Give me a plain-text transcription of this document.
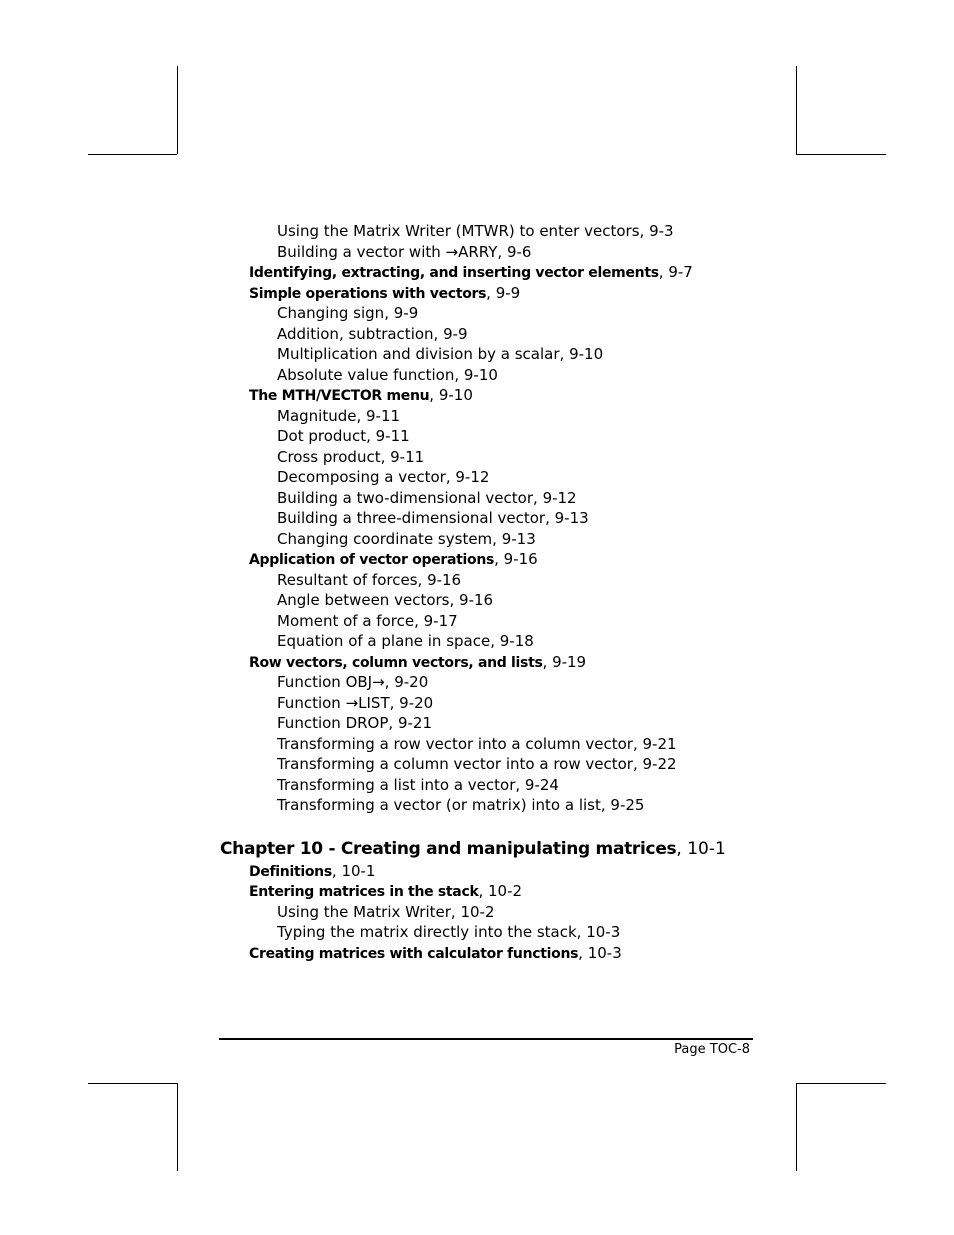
Using the Matrix Writer (MTWR) to enter vectors, 9-3
Building a vector with →ARRY, 9-6
Identifying, extracting, and inserting vector elements, 9-7
Simple operations with vectors, 9-9
Changing sign, 9-9
Addition, subtraction, 9-9
Multiplication and division by a scalar, 9-10
Absolute value function, 9-10
The MTH/VECTOR menu, 9-10
Magnitude, 9-11
Dot product, 9-11
Cross product, 9-11
Decomposing a vector, 9-12
Building a two-dimensional vector, 9-12
Building a three-dimensional vector, 9-13
Changing coordinate system, 9-13
Application of vector operations, 9-16
Resultant of forces, 9-16
Angle between vectors, 9-16
Moment of a force, 9-17
Equation of a plane in space, 9-18
Row vectors, column vectors, and lists, 9-19
Function OBJ→, 9-20
Function →LIST, 9-20
Function DROP, 9-21
Transforming a row vector into a column vector, 9-21
Transforming a column vector into a row vector, 9-22
Transforming a list into a vector, 9-24
Transforming a vector (or matrix) into a list, 9-25
Chapter 10 - Creating and manipulating matrices, 10-1
Definitions, 10-1
Entering matrices in the stack, 10-2
Using the Matrix Writer, 10-2
Typing the matrix directly into the stack, 10-3
Creating matrices with calculator functions, 10-3
Page TOC-8
